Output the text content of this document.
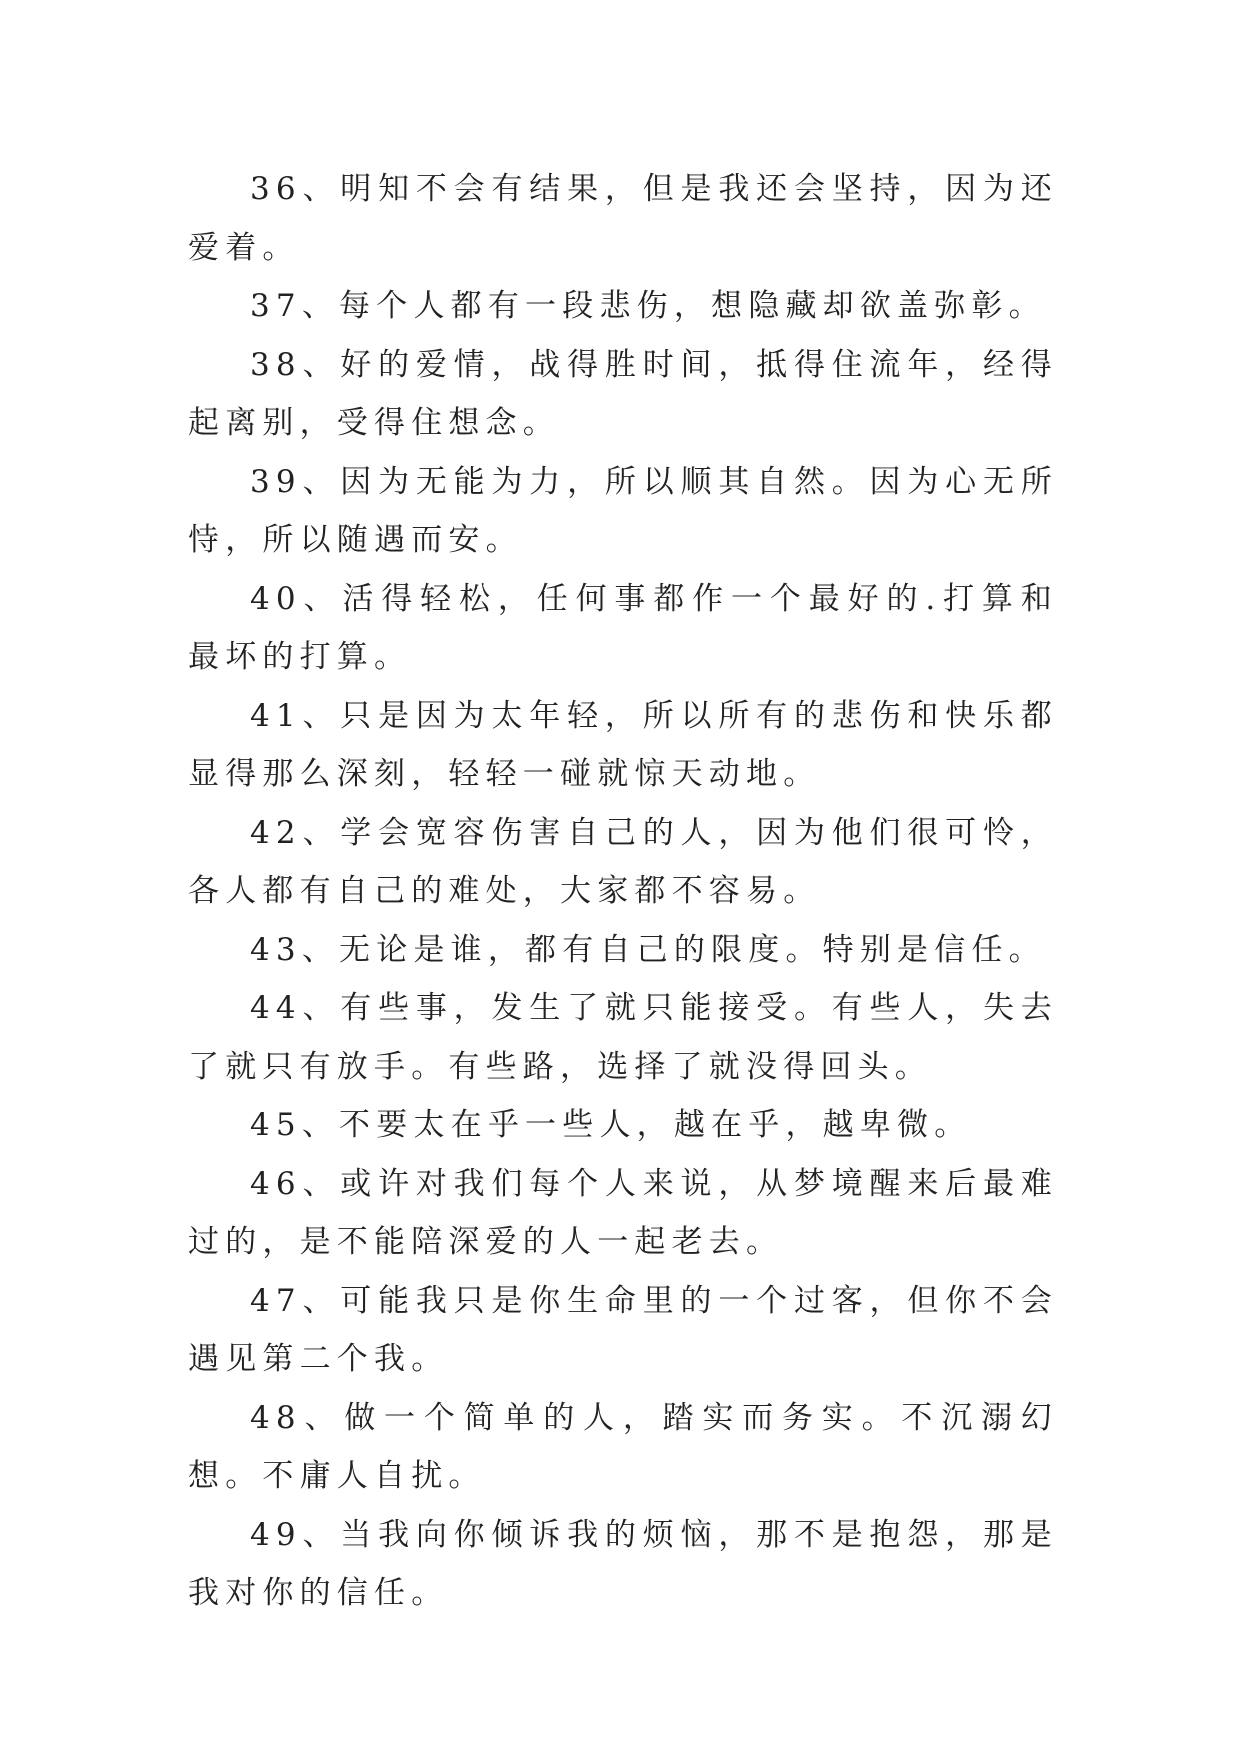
36、明知不会有结果，但是我还会坚持，因为还爱着。

37、每个人都有一段悲伤，想隐藏却欲盖弥彰。

38、好的爱情，战得胜时间，抵得住流年，经得起离别，受得住想念。

39、因为无能为力，所以顺其自然。因为心无所恃，所以随遇而安。

40、活得轻松，任何事都作一个最好的.打算和最坏的打算。

41、只是因为太年轻，所以所有的悲伤和快乐都显得那么深刻，轻轻一碰就惊天动地。

42、学会宽容伤害自己的人，因为他们很可怜，各人都有自己的难处，大家都不容易。

43、无论是谁，都有自己的限度。特别是信任。

44、有些事，发生了就只能接受。有些人，失去了就只有放手。有些路，选择了就没得回头。

45、不要太在乎一些人，越在乎，越卑微。

46、或许对我们每个人来说，从梦境醒来后最难过的，是不能陪深爱的人一起老去。

47、可能我只是你生命里的一个过客，但你不会遇见第二个我。

48、做一个简单的人，踏实而务实。不沉溺幻想。不庸人自扰。

49、当我向你倾诉我的烦恼，那不是抱怨，那是我对你的信任。
